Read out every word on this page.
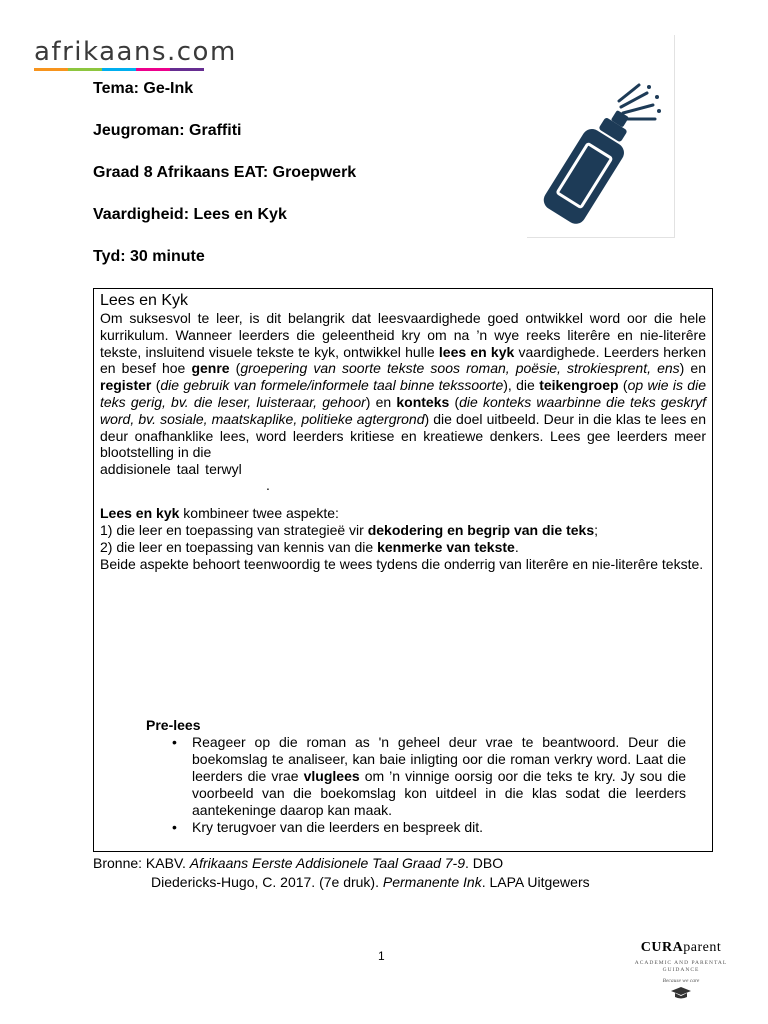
afrikaans.com
Tema: Ge-Ink
Jeugroman: Graffiti
Graad 8 Afrikaans EAT: Groepwerk
Vaardigheid: Lees en Kyk
Tyd: 30 minute
Lees en Kyk
Om suksesvol te leer, is dit belangrik dat leesvaardighede goed ontwikkel word oor die hele kurrikulum. Wanneer leerders die geleentheid kry om na ’n wye reeks literêre en nie-literêre tekste, insluitend visuele tekste te kyk, ontwikkel hulle lees en kyk vaardighede. Leerders herken en besef hoe genre (groepering van soorte tekste soos roman, poësie, strokiesprent, ens) en register (die gebruik van formele/informele taal binne tekssoorte), die teikengroep (op wie is die teks gerig, bv. die leser, luisteraar, gehoor) en konteks (die konteks waarbinne die teks geskryf word, bv. sosiale, maatskaplike, politieke agtergrond) die doel uitbeeld. Deur in die klas te lees en deur onafhanklike lees, word leerders kritiese en kreatiewe denkers. Lees gee leerders meer blootstelling in die
addisionele taal terwyl
.
Lees en kyk kombineer twee aspekte:
1) die leer en toepassing van strategieë vir dekodering en begrip van die teks;
2) die leer en toepassing van kennis van die kenmerke van tekste.
Beide aspekte behoort teenwoordig te wees tydens die onderrig van literêre en nie-literêre tekste.
Pre-lees
• Reageer op die roman as 'n geheel deur vrae te beantwoord. Deur die boekomslag te analiseer, kan baie inligting oor die roman verkry word. Laat die leerders die vrae vluglees om ’n vinnige oorsig oor die teks te kry. Jy sou die voorbeeld van die boekomslag kon uitdeel in die klas sodat die leerders aantekeninge daarop kan maak.
• Kry terugvoer van die leerders en bespreek dit.
Bronne: KABV. Afrikaans Eerste Addisionele Taal Graad 7-9. DBO
Diedericks-Hugo, C. 2017. (7e druk). Permanente Ink. LAPA Uitgewers
1
CURAparent
ACADEMIC AND PARENTAL GUIDANCE
Because we care
